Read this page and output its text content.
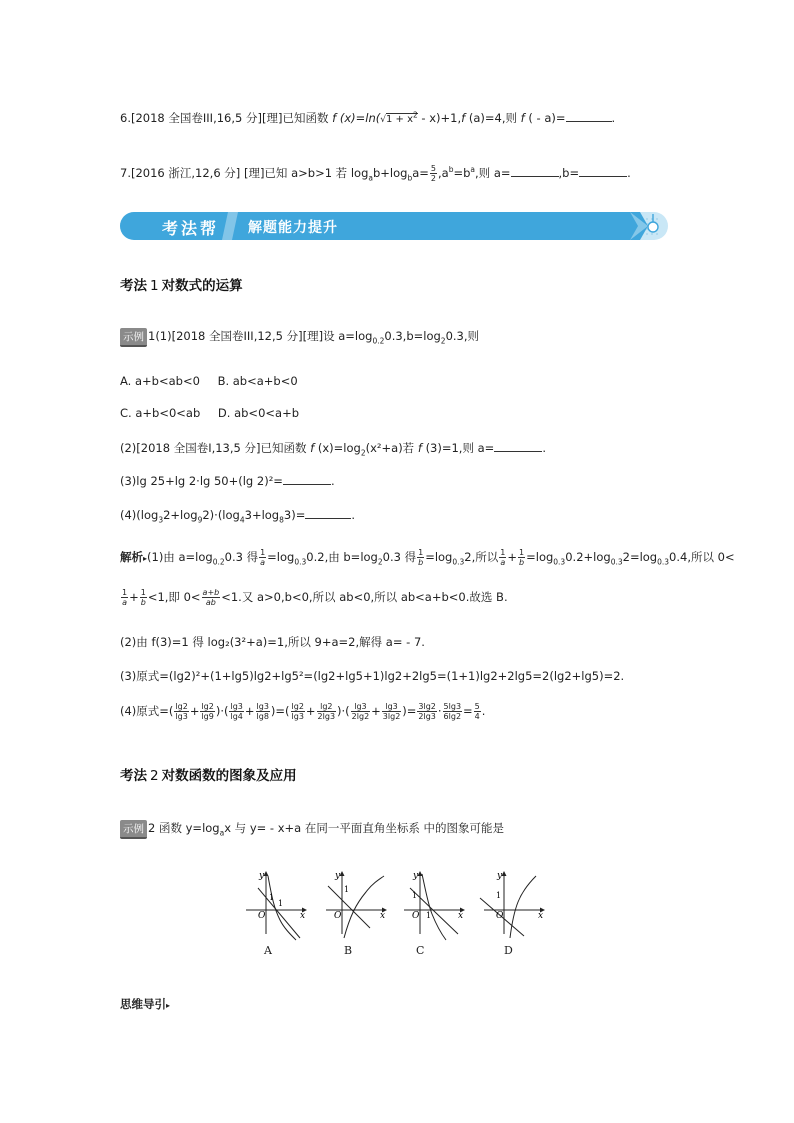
6.[2018 全国卷III,16,5 分][理]已知函数 f $(x)=\ln(√1 + x^2 - x)+1,f$ (a)=4,则 f ( - a)=	.
7.[2016 浙江,12,6 分] [理]已知 a>b>1 若 $\log_ab+\log_ba= \frac{5}{2} ,a^b=b^a$,则 a=	,b=	.
考法帮 解题能力提升
考法 1 对数式的运算
示例 1(1)[2018 全国卷III,12,5 分][理]设 $a=\log_{0.2}0.3,b=\log_20.3$,则
A. a+b<ab<0 B. ab<a+b<0
C. a+b<0<ab D. ab<0<a+b
(2)[2018 全国卷I,13,5 分]已知函数 f $(x)=\log_2(x^2+a)$若 f (3)=1,则 a=	.
(3)lg 25+lg 2·lg 50+(lg 2)²=	.
$(4)(\log_32+\log_92)\cdot(\log_43+\log_83)=$	.
解析▸(1)由 $a=\log_{0.2}0.3$ 得 $\frac{1}{a} =\log_{0.3}0.2$,由 $b=\log_20.3$ 得 $\frac{1}{b} =\log_{0.3}2$,所以 $\frac{1}{a} + \frac{1}{b} =\log_{0.3}0.2+\log_{0.3}2=\log_{0.3}0.4$,所以 0<
$\frac{1}{a} + \frac{1}{b} <1$,即 $0< \frac{a+b}{ab} <1$.又 a>0,b<0,所以 ab<0,所以 ab<a+b<0.故选 B.
(2)由 f(3)=1 得 log₂(3²+a)=1,所以 9+a=2,解得 a= - 7.
(3)原式=(lg2)²+(1+lg5)lg2+lg5²=(lg2+lg5+1)lg2+2lg5=(1+1)lg2+2lg5=2(lg2+lg5)=2.
(4)原式=( $\frac{\lg 2}{\lg 3} + \frac{\lg 2}{\lg 9}$ )·( $\frac{\lg 3}{\lg 4} + \frac{\lg 3}{\lg 8}$ )=( $\frac{\lg 2}{\lg 3} + \frac{\lg 2}{2\lg 3}$ )·( $\frac{\lg 3}{2\lg 2} + \frac{\lg 3}{3\lg 2}$ )= $\frac{3\lg 2}{2\lg 3} \cdot \frac{5\lg 3}{6\lg 2} = \frac{5}{4}$ .
考法 2 对数函数的图象及应用
示例 2 函数 $y=\log_ax$ 与 y= - x+a 在同一平面直角坐标系 中的图象可能是
O
y
x
1
1
O
y
x
1
O
y
x
1
1	O
y
x
1
A	B	C	D
思维导引▸
